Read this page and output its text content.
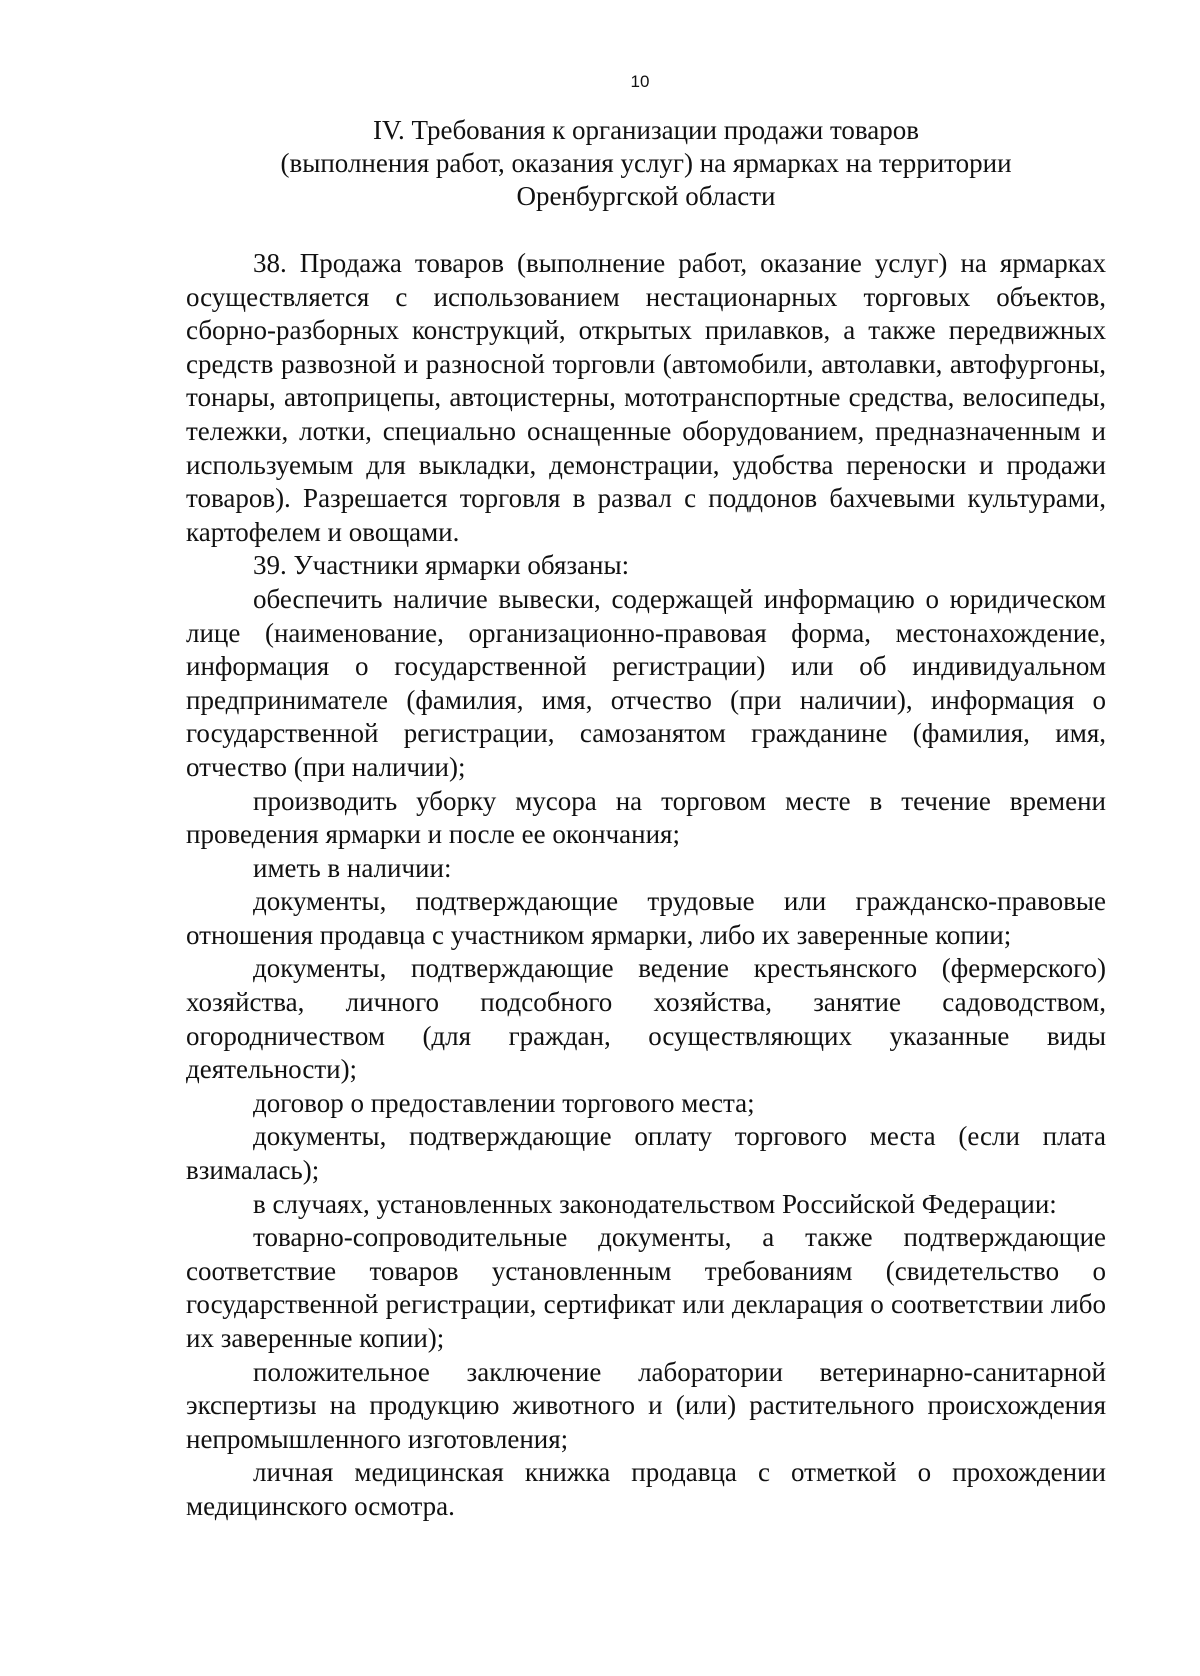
10
IV. Требования к организации продажи товаров
(выполнения работ, оказания услуг) на ярмарках на территории
Оренбургской области

38. Продажа товаров (выполнение работ, оказание услуг) на ярмарках осуществляется с использованием нестационарных торговых объектов, сборно-разборных конструкций, открытых прилавков, а также передвижных средств развозной и разносной торговли (автомобили, автолавки, автофургоны, тонары, автоприцепы, автоцистерны, мототранспортные средства, велосипеды, тележки, лотки, специально оснащенные оборудованием, предназначенным и используемым для выкладки, демонстрации, удобства переноски и продажи товаров). Разрешается торговля в развал с поддонов бахчевыми культурами, картофелем и овощами.

39. Участники ярмарки обязаны:

обеспечить наличие вывески, содержащей информацию о юридическом лице (наименование, организационно-правовая форма, местонахождение, информация о государственной регистрации) или об индивидуальном предпринимателе (фамилия, имя, отчество (при наличии), информация о государственной регистрации, самозанятом гражданине (фамилия, имя, отчество (при наличии);

производить уборку мусора на торговом месте в течение времени проведения ярмарки и после ее окончания;

иметь в наличии:

документы, подтверждающие трудовые или гражданско-правовые отношения продавца с участником ярмарки, либо их заверенные копии;

документы, подтверждающие ведение крестьянского (фермерского) хозяйства, личного подсобного хозяйства, занятие садоводством, огородничеством (для граждан, осуществляющих указанные виды деятельности);

договор о предоставлении торгового места;

документы, подтверждающие оплату торгового места (если плата взималась);

в случаях, установленных законодательством Российской Федерации:

товарно-сопроводительные документы, а также подтверждающие соответствие товаров установленным требованиям (свидетельство о государственной регистрации, сертификат или декларация о соответствии либо их заверенные копии);

положительное заключение лаборатории ветеринарно-санитарной экспертизы на продукцию животного и (или) растительного происхождения непромышленного изготовления;

личная медицинская книжка продавца с отметкой о прохождении медицинского осмотра.
